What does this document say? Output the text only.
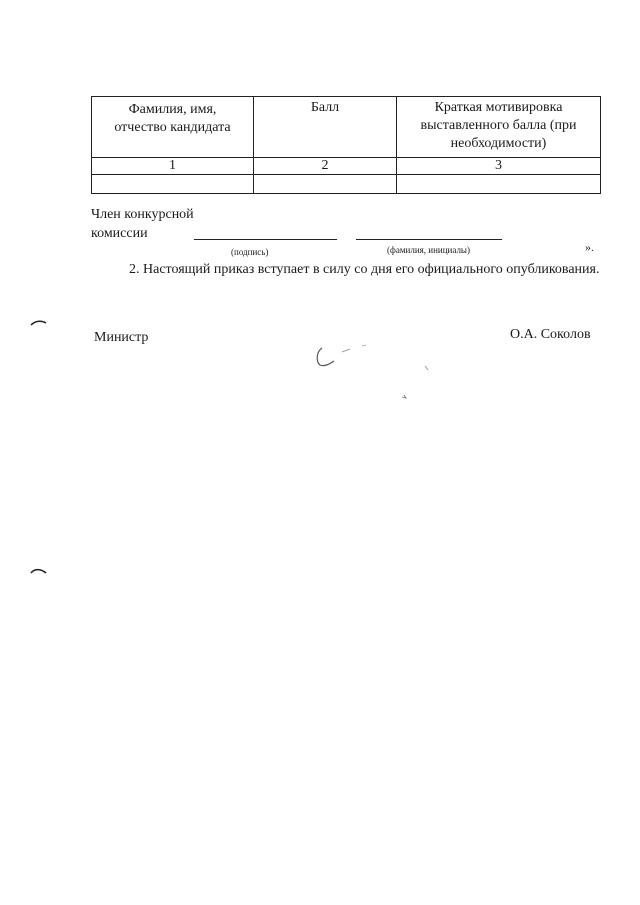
Фамилия, имя, отчество кандидата	Балл	Краткая мотивировка выставленного балла (при необходимости)
1	2	3

Член конкурсной
комиссии
(подпись)	(фамилия, инициалы)	».
2. Настоящий приказ вступает в силу со дня его официального опубликования.
Министр	О.А. Соколов
